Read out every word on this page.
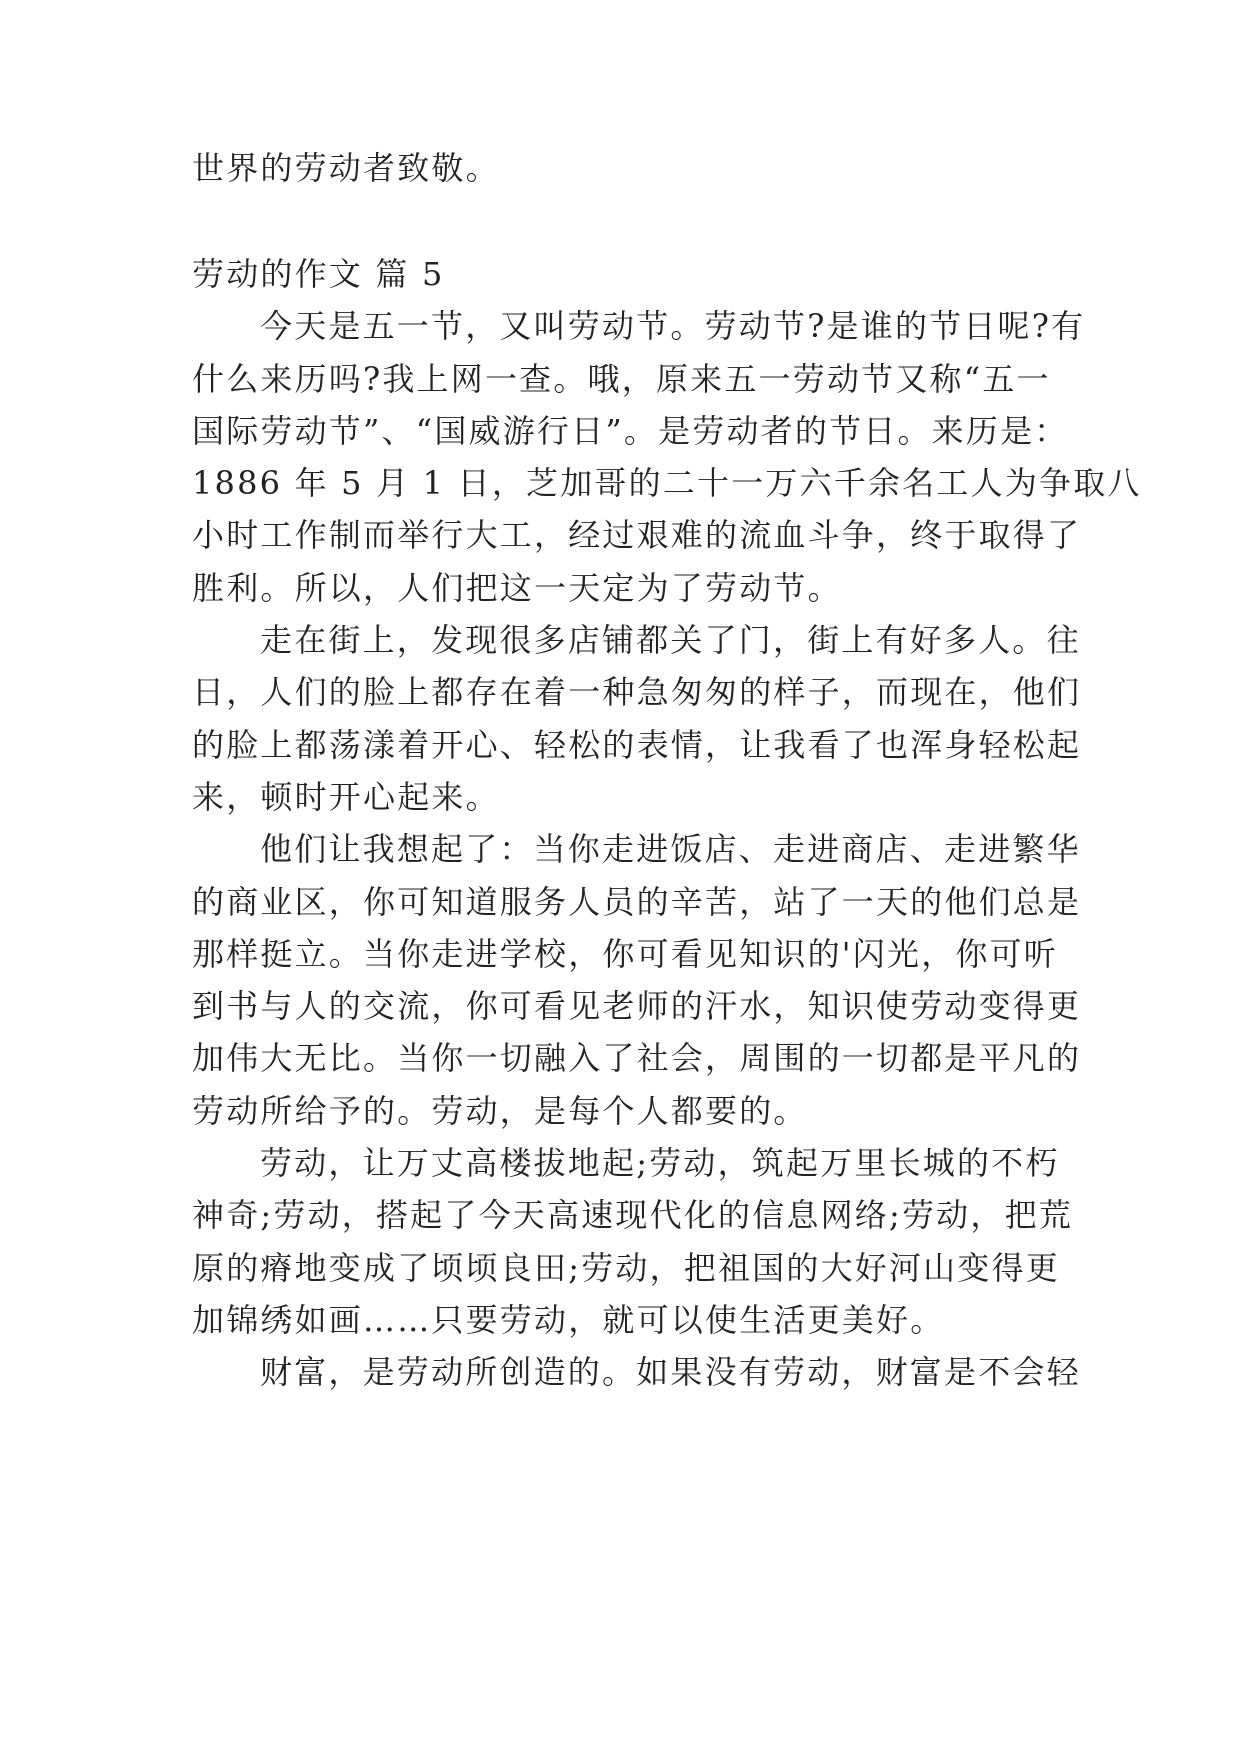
世界的劳动者致敬。
劳动的作文 篇 5
今天是五一节，又叫劳动节。劳动节?是谁的节日呢?有
什么来历吗?我上网一查。哦，原来五一劳动节又称“五一
国际劳动节”、“国威游行日”。是劳动者的节日。来历是：
1886 年 5 月 1 日，芝加哥的二十一万六千余名工人为争取八
小时工作制而举行大工，经过艰难的流血斗争，终于取得了
胜利。所以，人们把这一天定为了劳动节。
走在街上，发现很多店铺都关了门，街上有好多人。往
日，人们的脸上都存在着一种急匆匆的样子，而现在，他们
的脸上都荡漾着开心、轻松的表情，让我看了也浑身轻松起
来，顿时开心起来。
他们让我想起了：当你走进饭店、走进商店、走进繁华
的商业区，你可知道服务人员的辛苦，站了一天的他们总是
那样挺立。当你走进学校，你可看见知识的'闪光，你可听
到书与人的交流，你可看见老师的汗水，知识使劳动变得更
加伟大无比。当你一切融入了社会，周围的一切都是平凡的
劳动所给予的。劳动，是每个人都要的。
劳动，让万丈高楼拔地起;劳动，筑起万里长城的不朽
神奇;劳动，搭起了今天高速现代化的信息网络;劳动，把荒
原的瘠地变成了顷顷良田;劳动，把祖国的大好河山变得更
加锦绣如画……只要劳动，就可以使生活更美好。
财富，是劳动所创造的。如果没有劳动，财富是不会轻
